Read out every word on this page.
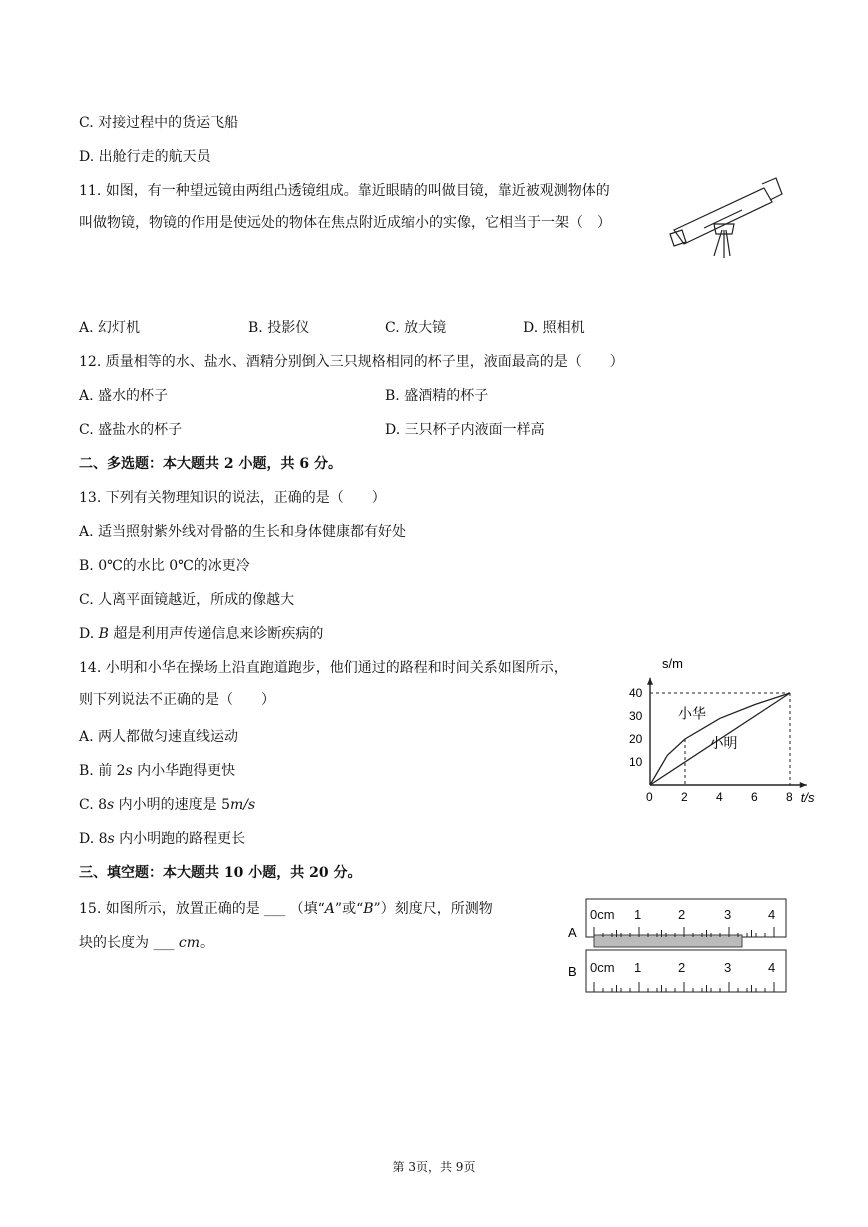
C. 对接过程中的货运飞船
D. 出舱行走的航天员
11. 如图，有一种望远镜由两组凸透镜组成。靠近眼睛的叫做目镜，靠近被观测物体的
叫做物镜，物镜的作用是使远处的物体在焦点附近成缩小的实像，它相当于一架（　）
A. 幻灯机	B. 投影仪	C. 放大镜	D. 照相机
12. 质量相等的水、盐水、酒精分别倒入三只规格相同的杯子里，液面最高的是（　　）
A. 盛水的杯子	B. 盛酒精的杯子
C. 盛盐水的杯子	D. 三只杯子内液面一样高
二、多选题：本大题共 2 小题，共 6 分。
13. 下列有关物理知识的说法，正确的是（　　）
A. 适当照射紫外线对骨骼的生长和身体健康都有好处
B. 0℃的水比 0℃的冰更冷
C. 人离平面镜越近，所成的像越大
D. B 超是利用声传递信息来诊断疾病的
14. 小明和小华在操场上沿直跑道跑步，他们通过的路程和时间关系如图所示，
则下列说法不正确的是（　　）
A. 两人都做匀速直线运动
B. 前 2s 内小华跑得更快
C. 8s 内小明的速度是 5m/s
D. 8s 内小明跑的路程更长
t/s
s/m
0 2 4 6 8
10
20
30
40
小华
小明
三、填空题：本大题共 10 小题，共 20 分。
15. 如图所示，放置正确的是 ___ （填“A”或“B”）刻度尺，所测物
块的长度为 ___ cm。
A
B
0cm	2
1	3	4
0cm 1	2	3	4
第 3页，共 9页
